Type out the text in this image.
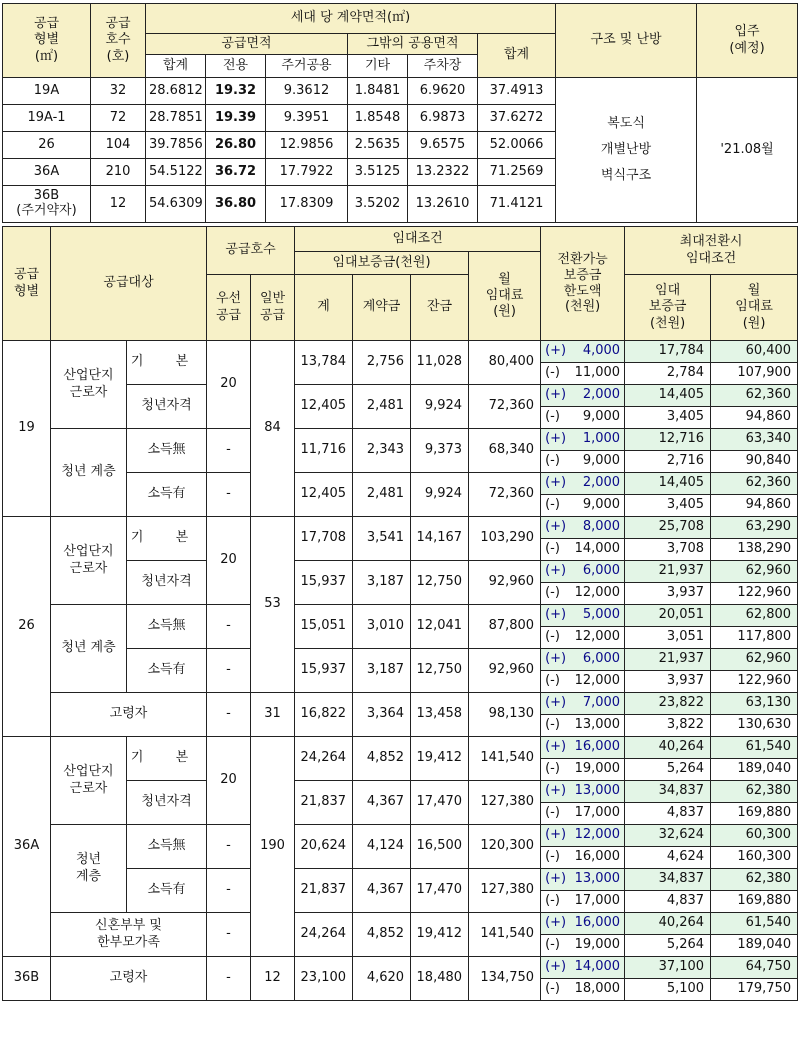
공급
형별
(㎡)	공급
호수
(호)	세대 당 계약면적(㎡)						구조 및 난방	입주
(예정)
		공급면적			그밖의 공용면적		합계		
		합계	전용	주거공용	기타	주차장			
19A	32	28.6812	19.32	9.3612	1.8481	6.9620	37.4913	복도식
개별난방
벽식구조	'21.08월
19A-1	72	28.7851	19.39	9.3951	1.8548	6.9873	37.6272		
26	104	39.7856	26.80	12.9856	2.5635	9.6575	52.0066		
36A	210	54.5122	36.72	17.7922	3.5125	13.2322	71.2569		
36B
(주거약자)	12	54.6309	36.80	17.8309	3.5202	13.2610	71.4121		
공급
형별	공급대상		공급호수		임대조건				전환가능
보증금
한도액
(천원)	최대전환시
임대조건	
					임대보증금(천원)			월
임대료
(원)			
					계	계약금	잔금			임대
보증금
(천원)	월
임대료
(원)
			우선
공급	일반
공급							
19	산업단지
근로자	기 본	20	84	13,784	2,756	11,028	80,400	(+) 4,000	17,784	60,400

									(-) 11,000	2,784	107,900
		청년자격			12,405	2,481	9,924	72,360	(+) 2,000	14,405	62,360

									(-) 9,000	3,405	94,860
	청년 계층	소득無	-		11,716	2,343	9,373	68,340	(+) 1,000	12,716	63,340

									(-) 9,000	2,716	90,840
		소득有	-		12,405	2,481	9,924	72,360	(+) 2,000	14,405	62,360

									(-) 9,000	3,405	94,860
26	산업단지
근로자	기 본	20	53	17,708	3,541	14,167	103,290	(+) 8,000	25,708	63,290

									(-) 14,000	3,708	138,290
		청년자격			15,937	3,187	12,750	92,960	(+) 6,000	21,937	62,960

									(-) 12,000	3,937	122,960
	청년 계층	소득無	-		15,051	3,010	12,041	87,800	(+) 5,000	20,051	62,800

									(-) 12,000	3,051	117,800
		소득有	-		15,937	3,187	12,750	92,960	(+) 6,000	21,937	62,960

									(-) 12,000	3,937	122,960
	고령자		-	31	16,822	3,364	13,458	98,130	(+) 7,000	23,822	63,130

									(-) 13,000	3,822	130,630
36A	산업단지
근로자	기 본	20	190	24,264	4,852	19,412	141,540	(+) 16,000	40,264	61,540

									(-) 19,000	5,264	189,040
		청년자격			21,837	4,367	17,470	127,380	(+) 13,000	34,837	62,380

									(-) 17,000	4,837	169,880
	청년
계층	소득無	-		20,624	4,124	16,500	120,300	(+) 12,000	32,624	60,300

									(-) 16,000	4,624	160,300
		소득有	-		21,837	4,367	17,470	127,380	(+) 13,000	34,837	62,380

									(-) 17,000	4,837	169,880
	신혼부부 및
한부모가족		-		24,264	4,852	19,412	141,540	(+) 16,000	40,264	61,540

									(-) 19,000	5,264	189,040
36B	고령자		-	12	23,100	4,620	18,480	134,750	(+) 14,000	37,100	64,750

									(-) 18,000	5,100	179,750
